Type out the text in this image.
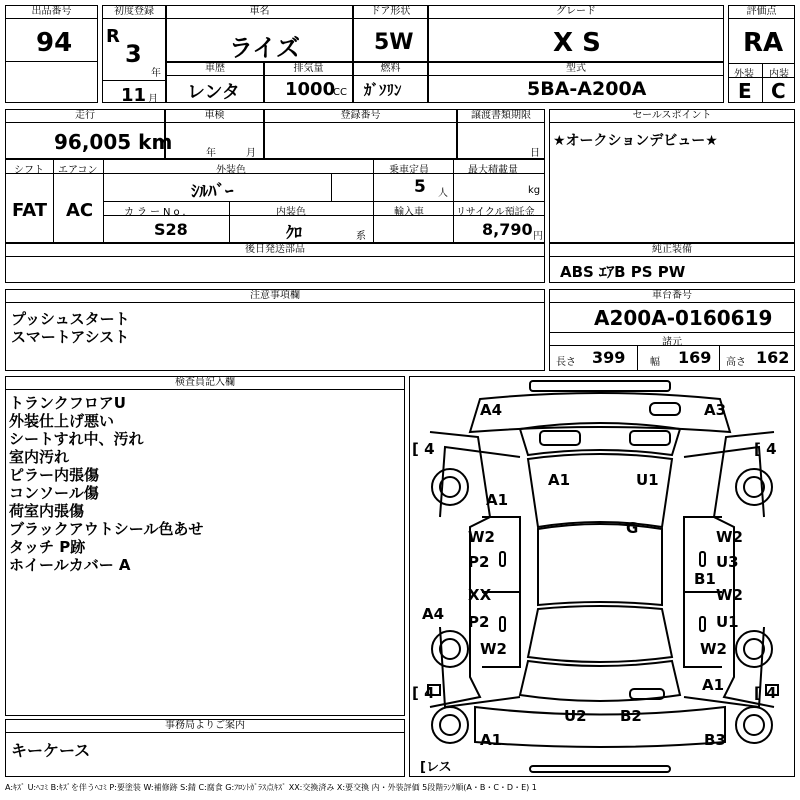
出品番号
94
初度登録
R
3
年
11 月
車名
ライズ
ドア形状
5W
グレード
X S
評価点
RA
外装 内装
E C
車歴
レンタ
排気量
1000
CC
燃料
ｶﾞｿﾘﾝ
型式
5BA-A200A
走行
96,005 km
車検
年	月
登録番号	譲渡書類期限
日
セールスポイント
★オークションデビュー★
シフト エアコン
FAT AC
外装色
ｼﾙﾊﾞｰ
乗車定員
5 人
最大積載量
kg
カラーNo.
S28
内装色
ｸﾛ	系
輸入車	リサイクル預託金
8,790 円
後日発送部品	純正装備
ABS ｴｱB PS PW
注意事項欄
プッシュスタート
スマートアシスト
車台番号
A200A-0160619
諸元
長さ 399 幅 169 高さ 162
検査員記入欄
トランクフロアU
外装仕上げ悪い
シートすれ中、汚れ
室内汚れ
ピラー内張傷
コンソール傷
荷室内張傷
ブラックアウトシール色あせ
タッチ P跡
ホイールカバー A
事務局よりご案内
キーケース
A4	A3
A1	U1
A1
G
W2	W2
P2	U3
B1
XX	W2
P2	U1
A4
W2	W2
A1
U2 B2
A1	B3
[ 4	[ 4
[ 4	[ 4
[レス
A:ｷｽﾞ U:ﾍｺﾐ B:ｷｽﾞを伴うﾍｺﾐ P:要塗装 W:補修跡 S:錆 C:腐食 G:ﾌﾛﾝﾄｶﾞﾗｽ点ｷｽﾞ XX:交換済み X:要交換 内・外装評価 5段階ﾗﾝｸ順(A・B・C・D・E) 1
